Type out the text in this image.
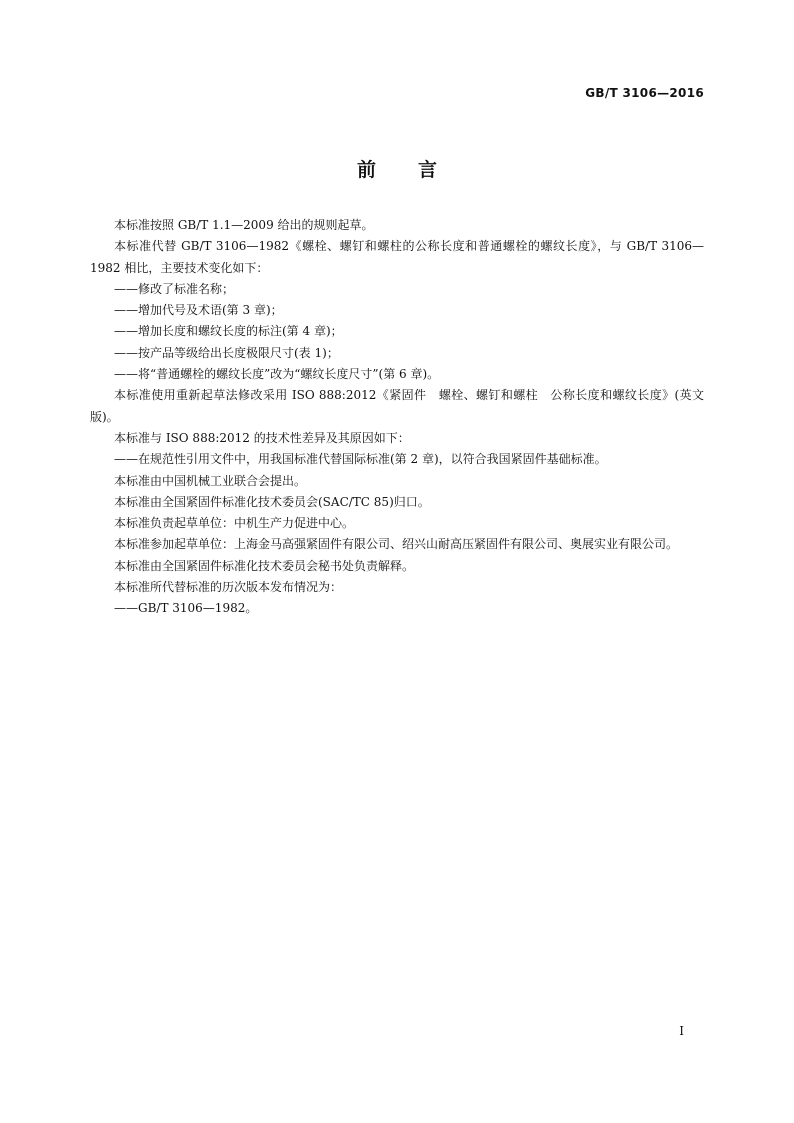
GB/T 3106—2016
前言

本标准按照 GB/T 1.1—2009 给出的规则起草。

本标准代替 GB/T 3106—1982《螺栓、螺钉和螺柱的公称长度和普通螺栓的螺纹长度》，与 GB/T 3106—1982 相比，主要技术变化如下：

——修改了标准名称；

——增加代号及术语(第 3 章)；

——增加长度和螺纹长度的标注(第 4 章)；

——按产品等级给出长度极限尺寸(表 1)；

——将“普通螺栓的螺纹长度”改为“螺纹长度尺寸”(第 6 章)。

本标准使用重新起草法修改采用 ISO 888:2012《紧固件　螺栓、螺钉和螺柱　公称长度和螺纹长度》(英文版)。

本标准与 ISO 888:2012 的技术性差异及其原因如下：

——在规范性引用文件中，用我国标准代替国际标准(第 2 章)，以符合我国紧固件基础标准。

本标准由中国机械工业联合会提出。

本标准由全国紧固件标准化技术委员会(SAC/TC 85)归口。

本标准负责起草单位：中机生产力促进中心。

本标准参加起草单位：上海金马高强紧固件有限公司、绍兴山耐高压紧固件有限公司、奥展实业有限公司。

本标准由全国紧固件标准化技术委员会秘书处负责解释。

本标准所代替标准的历次版本发布情况为：

——GB/T 3106—1982。

I
